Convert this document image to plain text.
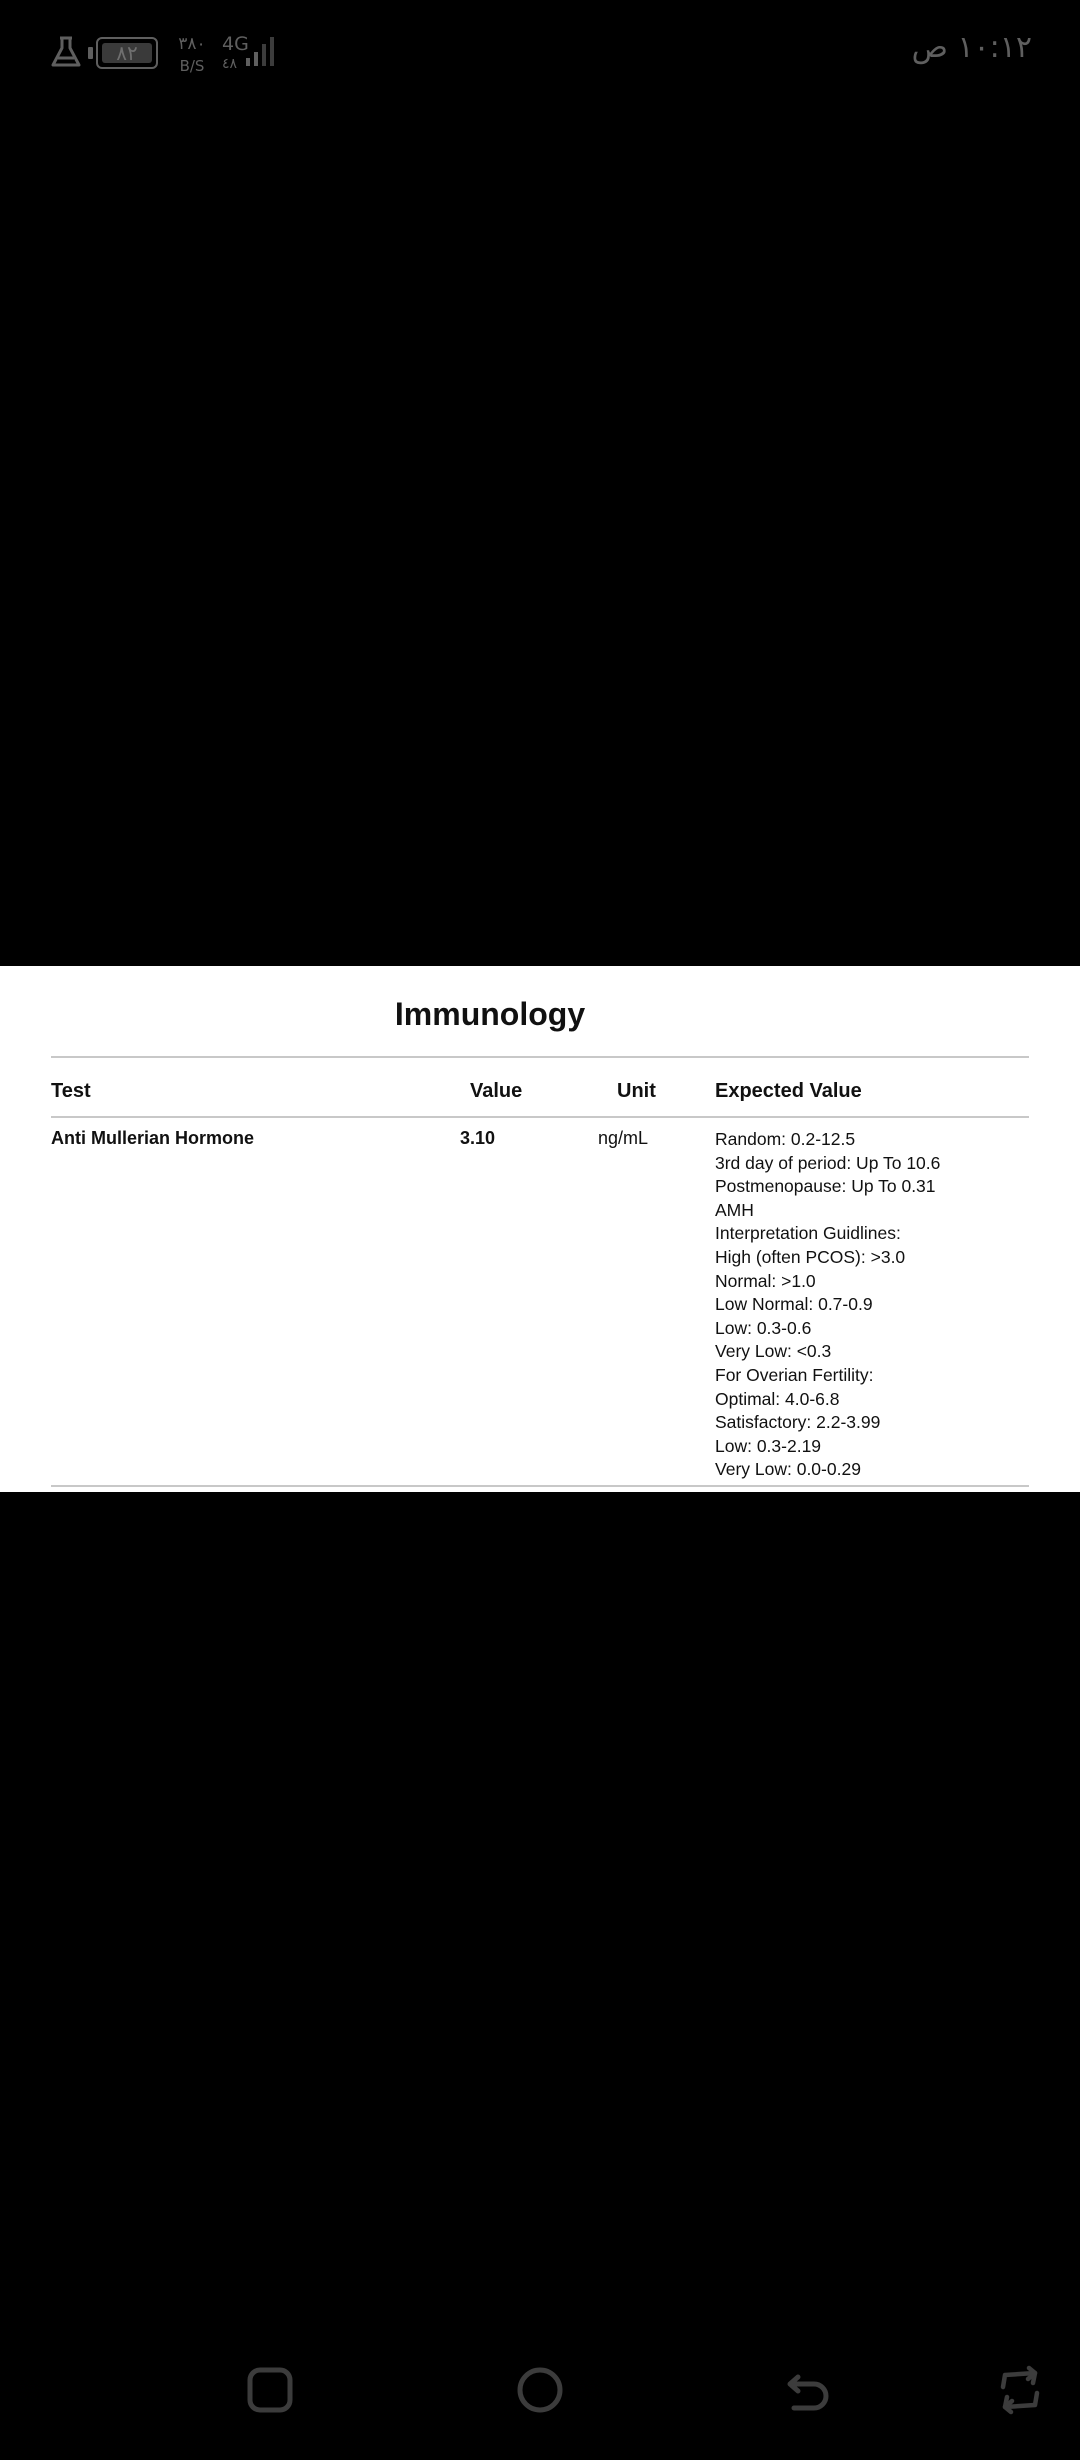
٨٢	٣٨٠
B/S
4G
٤٨	١٠:١٢ ص
Immunology
Test	Value	Unit	Expected Value
Anti Mullerian Hormone	3.10	ng/mL	Random: 0.2-12.5
3rd day of period: Up To 10.6
Postmenopause: Up To 0.31
AMH
Interpretation Guidlines:
High (often PCOS): >3.0
Normal: >1.0
Low Normal: 0.7-0.9
Low: 0.3-0.6
Very Low: <0.3
For Overian Fertility:
Optimal: 4.0-6.8
Satisfactory: 2.2-3.99
Low: 0.3-2.19
Very Low: 0.0-0.29
